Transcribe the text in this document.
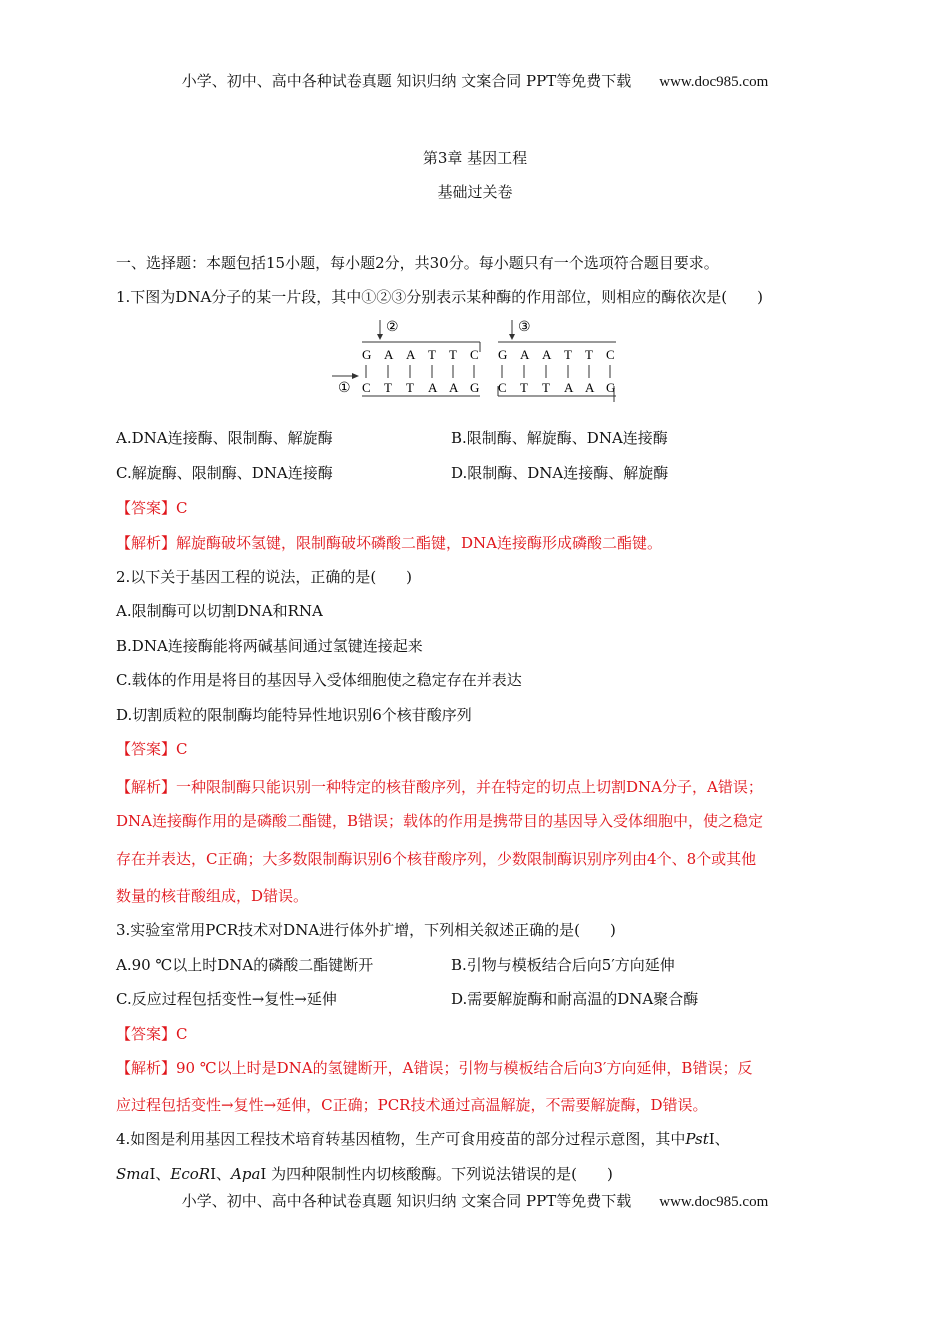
小学、初中、高中各种试卷真题 知识归纳 文案合同 PPT等免费下载 www.doc985.com
第3章 基因工程
基础过关卷
一、选择题：本题包括15小题，每小题2分，共30分。每小题只有一个选项符合题目要求。
1.下图为DNA分子的某一片段，其中①②③分别表示某种酶的作用部位，则相应的酶依次是(　　)
②	③
G A A T T C G A A T T C
C T T A A G C T T A A G
①
A.DNA连接酶、限制酶、解旋酶	B.限制酶、解旋酶、DNA连接酶
C.解旋酶、限制酶、DNA连接酶	D.限制酶、DNA连接酶、解旋酶
【答案】C
【解析】解旋酶破坏氢键，限制酶破坏磷酸二酯键，DNA连接酶形成磷酸二酯键。
2.以下关于基因工程的说法，正确的是(　　)
A.限制酶可以切割DNA和RNA
B.DNA连接酶能将两碱基间通过氢键连接起来
C.载体的作用是将目的基因导入受体细胞使之稳定存在并表达
D.切割质粒的限制酶均能特异性地识别6个核苷酸序列
【答案】C
【解析】一种限制酶只能识别一种特定的核苷酸序列，并在特定的切点上切割DNA分子，A错误；
DNA连接酶作用的是磷酸二酯键，B错误；载体的作用是携带目的基因导入受体细胞中，使之稳定
存在并表达，C正确；大多数限制酶识别6个核苷酸序列，少数限制酶识别序列由4个、8个或其他
数量的核苷酸组成，D错误。
3.实验室常用PCR技术对DNA进行体外扩增，下列相关叙述正确的是(　　)
A.90 ℃以上时DNA的磷酸二酯键断开	B.引物与模板结合后向5′方向延伸
C.反应过程包括变性→复性→延伸	D.需要解旋酶和耐高温的DNA聚合酶
【答案】C
【解析】90 ℃以上时是DNA的氢键断开，A错误；引物与模板结合后向3′方向延伸，B错误；反
应过程包括变性→复性→延伸，C正确；PCR技术通过高温解旋，不需要解旋酶，D错误。
4.如图是利用基因工程技术培育转基因植物，生产可食用疫苗的部分过程示意图，其中PstⅠ、
SmaⅠ、EcoRⅠ、ApaⅠ 为四种限制性内切核酸酶。下列说法错误的是(　　)
小学、初中、高中各种试卷真题 知识归纳 文案合同 PPT等免费下载 www.doc985.com
